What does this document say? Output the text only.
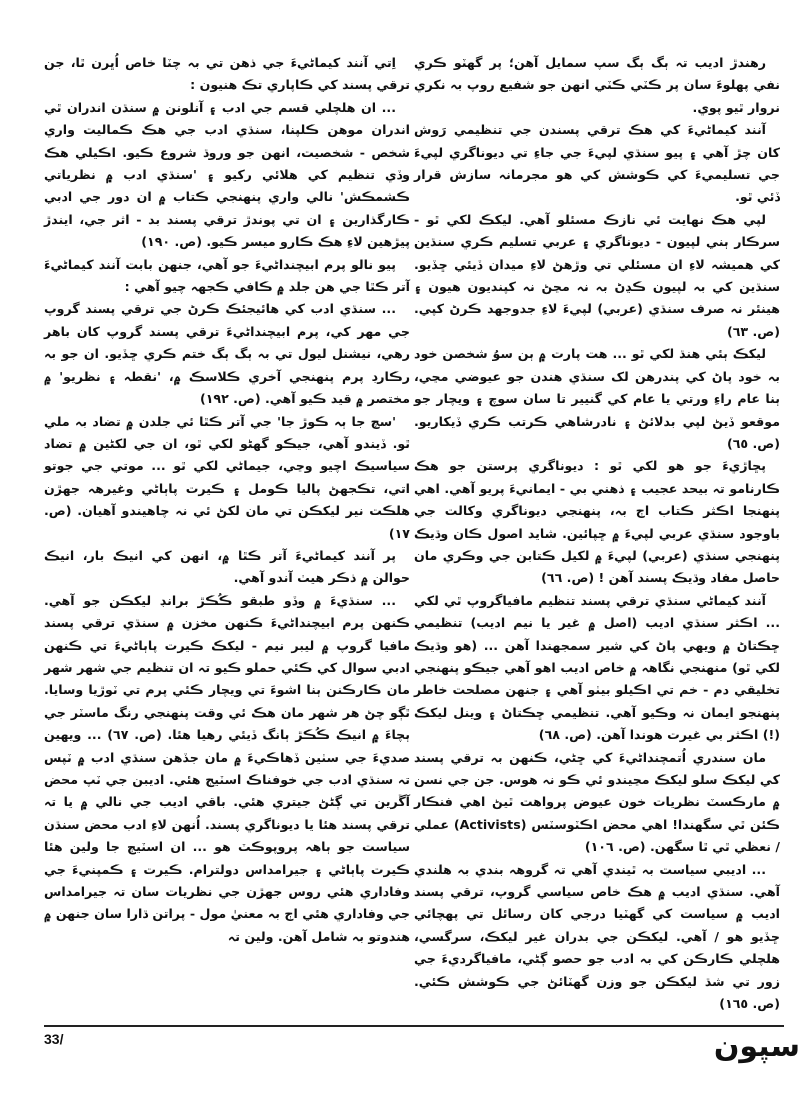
رهندڙ اديب تہ ٻگ ٻگ سپ سمايل آهن؛ پر گهٽو ڪري نفي پهلوءَ سان پر ڪٽي ڪٽي انهن جو شفيع روپ بہ نکري نروار ٿيو پوي.

آنند کيماڻيءَ کي هڪ ترقي پسندن جي تنظيمي رَوش کان چڙ آهي ۽ پيو سنڌي لپيءَ جي جاءِ تي ديوناگري لپيءَ جي تسليميءَ کي ڪوشش کي هو مجرمانہ سازش قرار ڏئي ٿو.

لپي هڪ نهايت ئي نازڪ مسئلو آهي. ليکڪ لکي ٿو - سرڪار ٻني لپيون - ديوناگري ۽ عربي تسليم ڪري سنڌين کي هميشہ لاءِ ان مسئلي تي وڙهڻ لاءِ ميدان ڏيئي ڇڏيو. سنڌين کي بہ لپيون ڪڍڻ بہ نہ مڃڻ نہ کپنديون هيون ۽ هينئر نہ صرف سنڌي (عربي) لپيءَ لاءِ جدوجهد ڪرڻ کپي. (ص. ٦٣)

ليکڪ ٻئي هنڌ لکي ٿو ... هت پارت ۾ ٻن سوُ شخصن خود بہ خود پاڻ کي پندرهن لک سنڌي هندن جو عيوضي مڃي، ٻنا عام راءِ ورتي يا عام کي گنيير تا سان سوچ ۽ ويچار جو موقعو ڏيڻ لپي بدلائڻ ۽ نادرشاهي ڪرتب ڪري ڏيکاريو. (ص. ٦٥)

پڇاڙيءَ جو هو لکي ٿو : ديوناگري پرستن جو هڪ ڪارنامو تہ بيحد عجيب ۽ ذهني بي - ايمانيءَ پريو آهي. اهي پنهنجا اڪثر ڪتاب اڄ بہ، پنهنجي ديوناگري وکالت جي باوجود سنڌي عربي لپيءَ ۾ ڇپائين. شايد اصول ڪان وڌيڪ پنهنجي سنڌي (عربي) لپيءَ ۾ لکيل ڪتابن جي وڪري مان حاصل مفاد وڌيڪ پسند آهن ! (ص. ٦٦)

آنند کيماڻي سنڌي ترقي پسند تنظيم مافياگروپ ٿي لکي ... اڪثر سنڌي اديب (اصل ۾ غير يا نيم اديب) تنظيمي ڇڪتاڻ ۾ ويهي پاڻ کي شير سمجهندا آهن ... (هو وڌيڪ لکي ٿو) منهنجي نگاهہ ۾ خاص اديب اهو آهي جيڪو پنهنجي تخليقي دم - خم تي اڪيلو بيٺو آهي ۽ جنهن مصلحت خاطر پنهنجو ايمان نہ وڪيو آهي. تنظيمي ڇڪتاڻ ۽ وينل ليکڪ (!) اڪثر بي غيرت هوندا آهن. (ص. ٦٨)

مان سندري اُتمچنداڻيءَ کي ڇڻي، ڪنهن بہ ترقي پسند کي ليکڪ سلو ليکڪ مڃيندو ئي ڪو نہ هوس. جن جي نسن ۾ مارڪسٽ نظريات خون عيوض پرواهت ٿيڻ اهي فنڪار ڪئن ٿي سگهندا! اهي محض اڪٽوسٽس (Activists) عملي / نعظي ٿي ٿا سگهن. (ص. ١٠٦)

... اديبي سياست بہ ٿيندي آهي تہ گروهہ بندي بہ هلندي آهي. سنڌي اديب ۾ هڪ خاص سياسي گروپ، ترقي پسند اديب ۾ سياست کي گهٽيا درجي کان رسائل تي پهچائي ڇڏيو هو / آهي. ليکڪن جي بدران غير ليکڪ، سرگسي، هلچلي ڪارڪن کي بہ ادب جو حصو ڳڻي، مافياگرديءَ جي زور تي شڌ ليکڪن جو وزن گهٽائڻ جي ڪوشش ڪئي. (ص. ١٦٥)

اِتي آنند کيماڻيءَ جي ذهن تي بہ چٽا خاص اُڀرن ٿا، جن ترقي پسند کي ڪاپاري تڪ هنيون :

... ان هلچلي قسم جي ادب ۽ آنلونن ۾ سنڌن اندران ٿي اندران موهن ڪلپنا، سنڌي ادب جي هڪ ڪماليت واري شخص - شخصيت، انهن جو وروڌ شروع ڪيو. اڪيلي هڪ وڏي تنظيم کي هلائي رکيو ۽ 'سنڌي ادب ۾ نظرياتي ڪشمڪش' نالي واري پنهنجي ڪتاب ۾ ان دور جي ادبي ڪارگذارين ۽ ان تي پوندڙ ترقي پسند بد - اثر جي، ايندڙ پيڙهين لاءِ هڪ ڪارو ميسر ڪيو. (ص. ١٩٠)

پيو نالو پرم ابيچنداڻيءَ جو آهي، جنهن بابت آنند کيماڻيءَ آتر ڪٿا جي هن جلد ۾ ڪافي ڪجهہ چيو آهي :

... سنڌي ادب کي هائيجئڪ ڪرڻ جي ترقي پسند گروپ جي مهر کي، پرم ابيچنداڻيءَ ترقي پسند گروپ کان باهر رهي، نيشنل ليول تي بہ ٻگ ٻگ ختم ڪري ڇڏيو. ان جو بہ رڪارڊ پرم پنهنجي آخري ڪلاسڪ ۾، 'نقطہ ۽ نظريو' ۾ مختصر ۾ قيد ڪيو آهي. (ص. ١٩٢)

'سچ جا ٻہ ڪوڙ جا' جي آتر ڪٿا ئي جلدن ۾ تضاد بہ ملي ٿو. ڏيندو آهي، جيڪو گهڻو لکي ٿو، ان جي لکڻين ۾ تضاد سياسيڪ اچيو وڃي، جيماڻي لکي ٿو ... موتي جي جوتو اتي، تڪجهڻ پاليا ڪومل ۽ ڪيرت پاٻاڻي وغيرهہ جهڙن هلڪت نير ليکڪن تي مان لکڻ ئي نہ چاهيندو آهيان. (ص. ١٧)

پر آنند کيماڻيءَ آتر ڪٿا ۾، انهن کي انيڪ بار، انيڪ حوالن ۾ ذڪر هيٺ آندو آهي.

... سنڌيءَ ۾ وڏو طبقو ڪُڪڙ برانڊ ليکڪن جو آهي. ڪنهن پرم ابيچنداڻيءَ ڪنهن مخزن ۾ سنڌي ترقي پسند مافيا گروپ ۾ ليبر نيم - ليکڪ ڪيرت پاٻاڻيءَ تي ڪنهن ادبي سوال کي ڪئي حملو ڪيو تہ ان تنظيم جي شهر شهر مان ڪارڪنن ٻنا اشوءَ تي ويچار ڪئي پرم تي ٽوڙيا وسايا. ٿڳو چڻ هر شهر مان هڪ ئي وقت پنهنجي رنگ ماسٽر جي ٻچاءَ ۾ انيڪ ڪُڪڙ ٻانگ ڏيئي رهيا هئا. (ص. ٦٧) ... ويهين صديءَ جي سٺين ڏهاڪيءَ ۾ مان جڏهن سنڌي ادب ۾ ٽپس تہ سنڌي ادب جي خوفناڪ اسٽيج هئي. اديبن جي ٽپ محض آڱرين تي ڳڻڻ جيتري هئي. باقي اديب جي نالي ۾ يا تہ ترقي پسند هئا يا ديوناگري پسند. اُنهن لاءِ ادب محض سنڌن سياست جو ٻاهہ پروپوڪٽ هو ... ان اسٽيڄ جا ولين هئا ڪيرت پاٻاڻي ۽ جيرامداس دولترام. ڪيرت ۽ ڪمپنيءَ جي وفاداري هئي روس جهڙن جي نظريات سان تہ جيرامداس جي وفاداري هئي اڄ بہ معنيٰ مول - پراتن ڌارا سان جنهن ۾ هندوتو بہ شامل آهن. ولين تہ

33/	سپون
